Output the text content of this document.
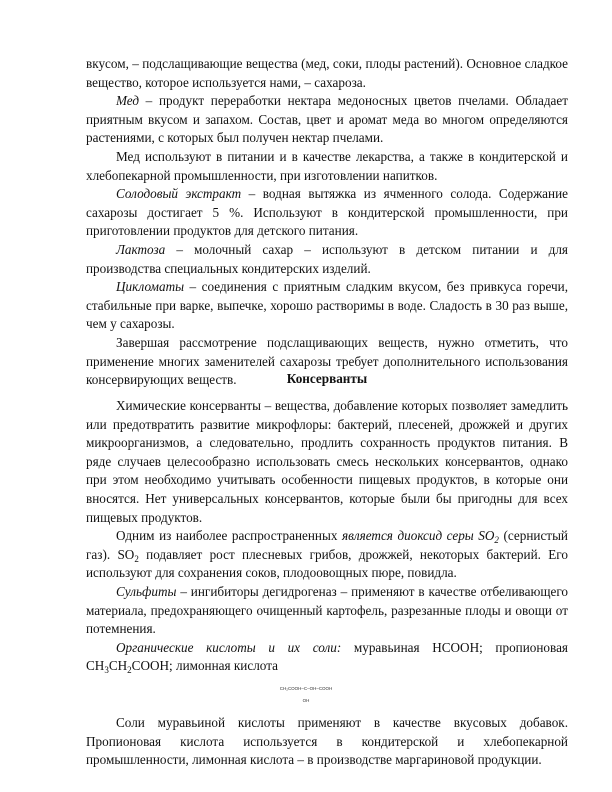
вкусом, – подслащивающие вещества (мед, соки, плоды растений). Основное сладкое вещество, которое используется нами, – сахароза.

Мед – продукт переработки нектара медоносных цветов пчелами. Обладает приятным вкусом и запахом. Состав, цвет и аромат меда во многом определяются растениями, с которых был получен нектар пчелами.

Мед используют в питании и в качестве лекарства, а также в кондитерской и хлебопекарной промышленности, при изготовлении напитков.

Солодовый экстракт – водная вытяжка из ячменного солода. Содержание сахарозы достигает 5 %. Используют в кондитерской промышленности, при приготовлении продуктов для детского питания.

Лактоза – молочный сахар – используют в детском питании и для производства специальных кондитерских изделий.

Цикломаты – соединения с приятным сладким вкусом, без привкуса горечи, стабильные при варке, выпечке, хорошо растворимы в воде. Сладость в 30 раз выше, чем у сахарозы.

Завершая рассмотрение подслащивающих веществ, нужно отметить, что применение многих заменителей сахарозы требует дополнительного использования консервирующих веществ.	Консерванты

Химические консерванты – вещества, добавление которых позволяет замедлить или предотвратить развитие микрофлоры: бактерий, плесеней, дрожжей и других микроорганизмов, а следовательно, продлить сохранность продуктов питания. В ряде случаев целесообразно использовать смесь нескольких консервантов, однако при этом необходимо учитывать особенности пищевых продуктов, в которые они вносятся. Нет универсальных консервантов, которые были бы пригодны для всех пищевых продуктов.

Одним из наиболее распространенных является диоксид серы $SO_2$ (сернистый газ). $SO_2$ подавляет рост плесневых грибов, дрожжей, некоторых бактерий. Его используют для сохранения соков, плодоовощных пюре, повидла.

Сульфиты – ингибиторы дегидрогеназ – применяют в качестве отбеливающего материала, предохраняющего очищенный картофель, разрезанные плоды и овощи от потемнения.

Органические кислоты и их соли: муравьиная HCOOH; пропионовая $CH_3CH_2COOH$; лимонная кислота

СН₂СООН–С–ОН–СООН
ОН

Соли муравьиной кислоты применяют в качестве вкусовых добавок. Пропионовая кислота используется в кондитерской и хлебопекарной промышленности, лимонная кислота – в производстве маргариновой продукции.
